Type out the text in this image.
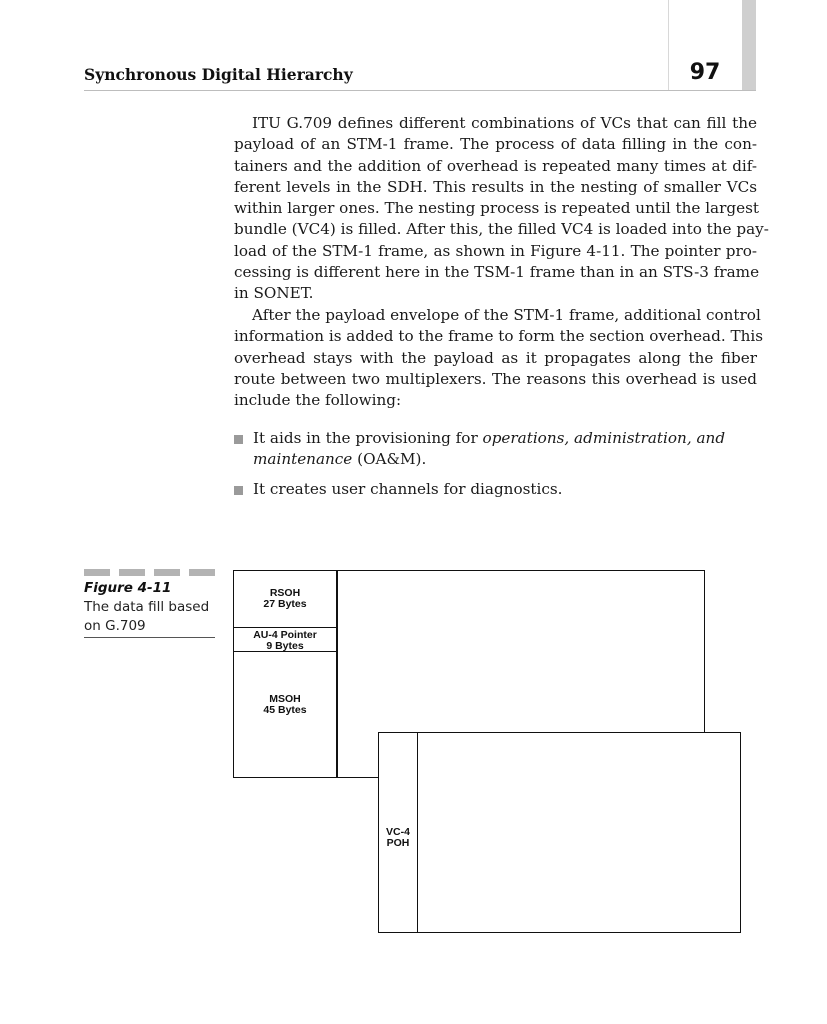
97
Synchronous Digital Hierarchy
ITU G.709 defines different combinations of VCs that can fill the
payload of an STM-1 frame. The process of data filling in the con-
tainers and the addition of overhead is repeated many times at dif-
ferent levels in the SDH. This results in the nesting of smaller VCs
within larger ones. The nesting process is repeated until the largest
bundle (VC4) is filled. After this, the filled VC4 is loaded into the pay-
load of the STM-1 frame, as shown in Figure 4-11. The pointer pro-
cessing is different here in the TSM-1 frame than in an STS-3 frame
in SONET.
After the payload envelope of the STM-1 frame, additional control
information is added to the frame to form the section overhead. This
overhead stays with the payload as it propagates along the fiber
route between two multiplexers. The reasons this overhead is used
include the following:
It aids in the provisioning for operations, administration, and
maintenance (OA&M).
It creates user channels for diagnostics.
Figure 4-11
The data fill based
on G.709
RSOH
27 Bytes
AU-4 Pointer
9 Bytes
MSOH
45 Bytes
VC-4
POH
